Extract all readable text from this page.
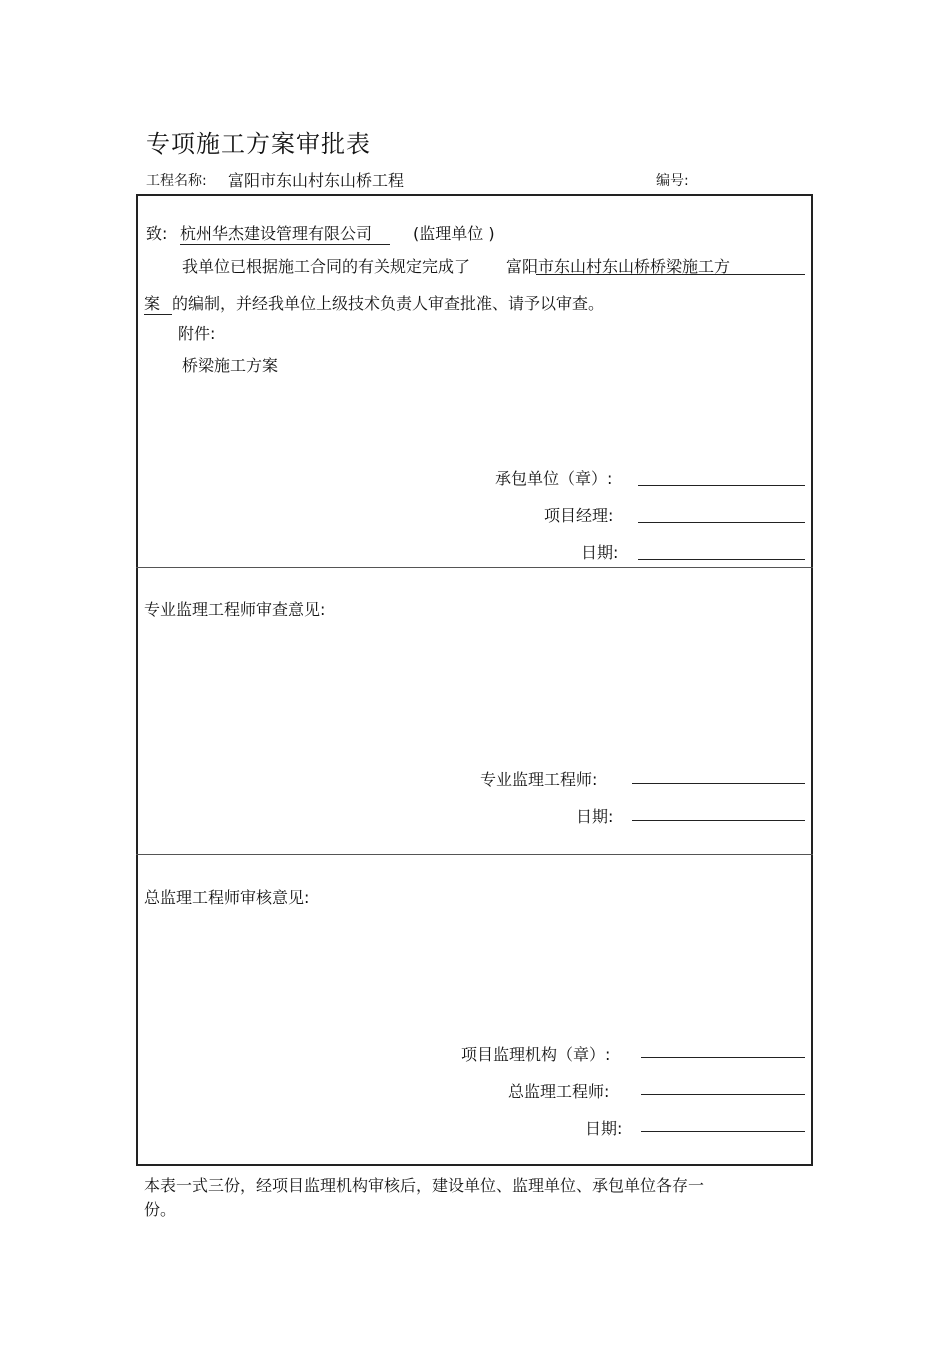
专项施工方案审批表
工程名称: 富阳市东山村东山桥工程	编号:
致: 杭州华杰建设管理有限公司	(监理单位 )
我单位已根据施工合同的有关规定完成了 富阳市东山村东山桥桥梁施工方
案 的编制，并经我单位上级技术负责人审查批准、请予以审查。
附件:
桥梁施工方案
承包单位（章）:
项目经理:
日期:
专业监理工程师审查意见:
专业监理工程师:
日期:
总监理工程师审核意见:
项目监理机构（章）:
总监理工程师:
日期:
本表一式三份，经项目监理机构审核后，建设单位、监理单位、承包单位各存一
份。
